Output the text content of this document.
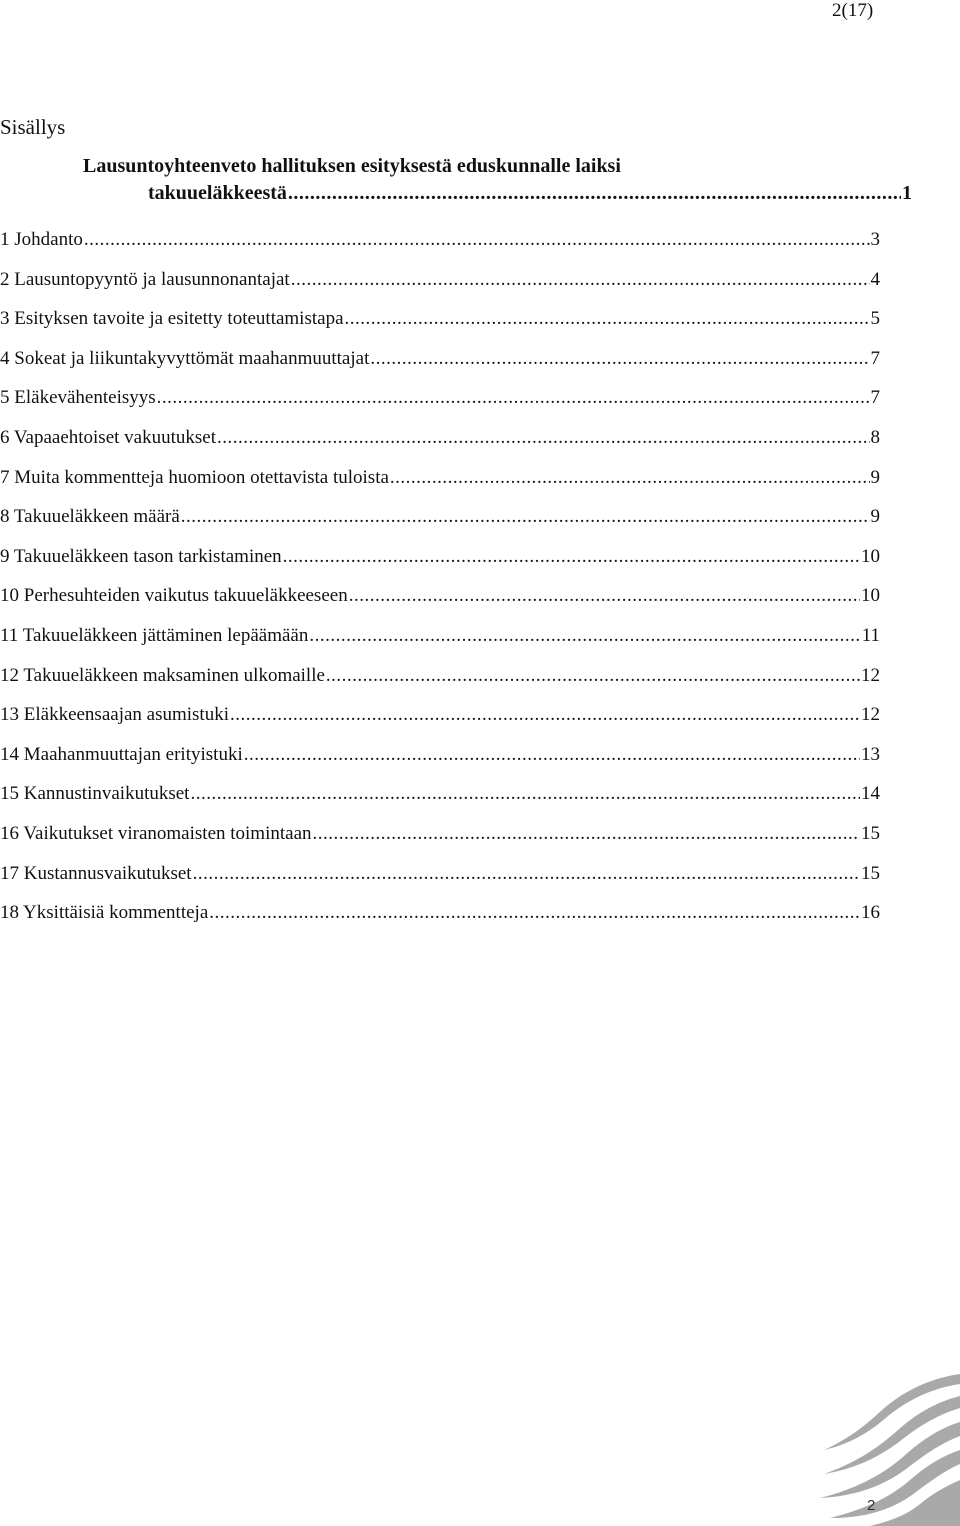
2(17)
Sisällys
Lausuntoyhteenveto hallituksen esityksestä eduskunnalle laiksi
takuueläkkeestä .....	1
1 Johdanto .....	3
2 Lausuntopyyntö ja lausunnonantajat .....	4
3 Esityksen tavoite ja esitetty toteuttamistapa .....	5
4 Sokeat ja liikuntakyvyttömät maahanmuuttajat .....	7
5 Eläkevähenteisyys .....	7
6 Vapaaehtoiset vakuutukset .....	8
7 Muita kommentteja huomioon otettavista tuloista .....	9
8 Takuueläkkeen määrä .....	9
9 Takuueläkkeen tason tarkistaminen .....	10
10 Perhesuhteiden vaikutus takuueläkkeeseen .....	10
11 Takuueläkkeen jättäminen lepäämään .....	11
12 Takuueläkkeen maksaminen ulkomaille .....	12
13 Eläkkeensaajan asumistuki .....	12
14 Maahanmuuttajan erityistuki .....	13
15 Kannustinvaikutukset .....	14
16 Vaikutukset viranomaisten toimintaan .....	15
17 Kustannusvaikutukset .....	15
18 Yksittäisiä kommentteja .....	16
2
